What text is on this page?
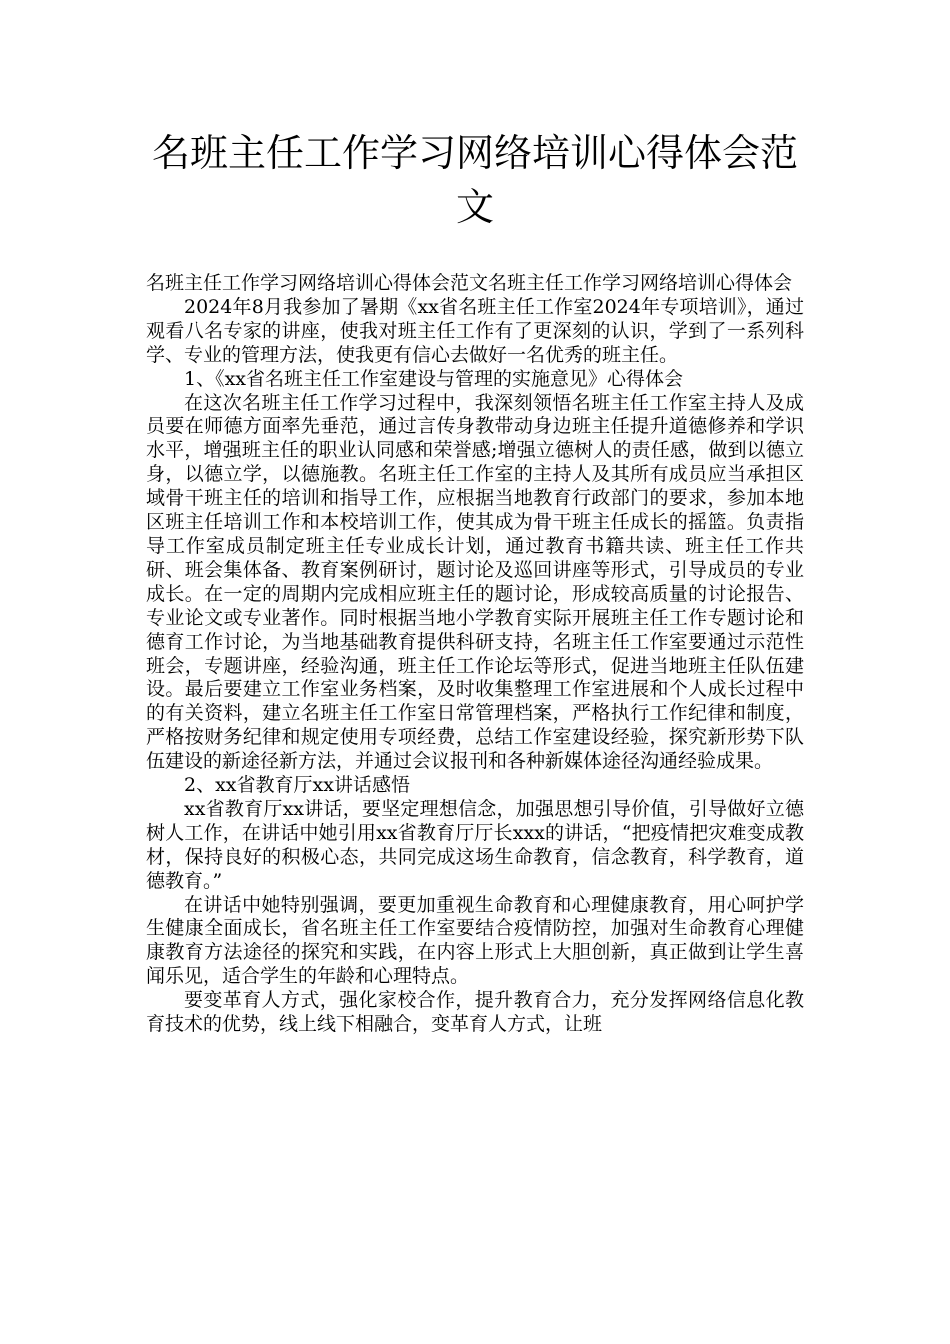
名班主任工作学习网络培训心得体会范文

名班主任工作学习网络培训心得体会范文名班主任工作学习网络培训心得体会

2024年8月我参加了暑期《xx省名班主任工作室2024年专项培训》，通过观看八名专家的讲座，使我对班主任工作有了更深刻的认识，学到了一系列科学、专业的管理方法，使我更有信心去做好一名优秀的班主任。

1、《xx省名班主任工作室建设与管理的实施意见》心得体会

在这次名班主任工作学习过程中，我深刻领悟名班主任工作室主持人及成员要在师德方面率先垂范，通过言传身教带动身边班主任提升道德修养和学识水平，增强班主任的职业认同感和荣誉感;增强立德树人的责任感，做到以德立身，以德立学，以德施教。名班主任工作室的主持人及其所有成员应当承担区域骨干班主任的培训和指导工作，应根据当地教育行政部门的要求，参加本地区班主任培训工作和本校培训工作，使其成为骨干班主任成长的摇篮。负责指导工作室成员制定班主任专业成长计划，通过教育书籍共读、班主任工作共研、班会集体备、教育案例研讨，题讨论及巡回讲座等形式，引导成员的专业成长。在一定的周期内完成相应班主任的题讨论，形成较高质量的讨论报告、专业论文或专业著作。同时根据当地小学教育实际开展班主任工作专题讨论和德育工作讨论，为当地基础教育提供科研支持，名班主任工作室要通过示范性班会，专题讲座，经验沟通，班主任工作论坛等形式，促进当地班主任队伍建设。最后要建立工作室业务档案，及时收集整理工作室进展和个人成长过程中的有关资料，建立名班主任工作室日常管理档案，严格执行工作纪律和制度，严格按财务纪律和规定使用专项经费，总结工作室建设经验，探究新形势下队伍建设的新途径新方法，并通过会议报刊和各种新媒体途径沟通经验成果。

2、xx省教育厅xx讲话感悟

xx省教育厅xx讲话，要坚定理想信念，加强思想引导价值，引导做好立德树人工作，在讲话中她引用xx省教育厅厅长xxx的讲话，“把疫情把灾难变成教材，保持良好的积极心态，共同完成这场生命教育，信念教育，科学教育，道德教育。”

在讲话中她特别强调，要更加重视生命教育和心理健康教育，用心呵护学生健康全面成长，省名班主任工作室要结合疫情防控，加强对生命教育心理健康教育方法途径的探究和实践，在内容上形式上大胆创新，真正做到让学生喜闻乐见，适合学生的年龄和心理特点。

要变革育人方式，强化家校合作，提升教育合力，充分发挥网络信息化教育技术的优势，线上线下相融合，变革育人方式，让班
